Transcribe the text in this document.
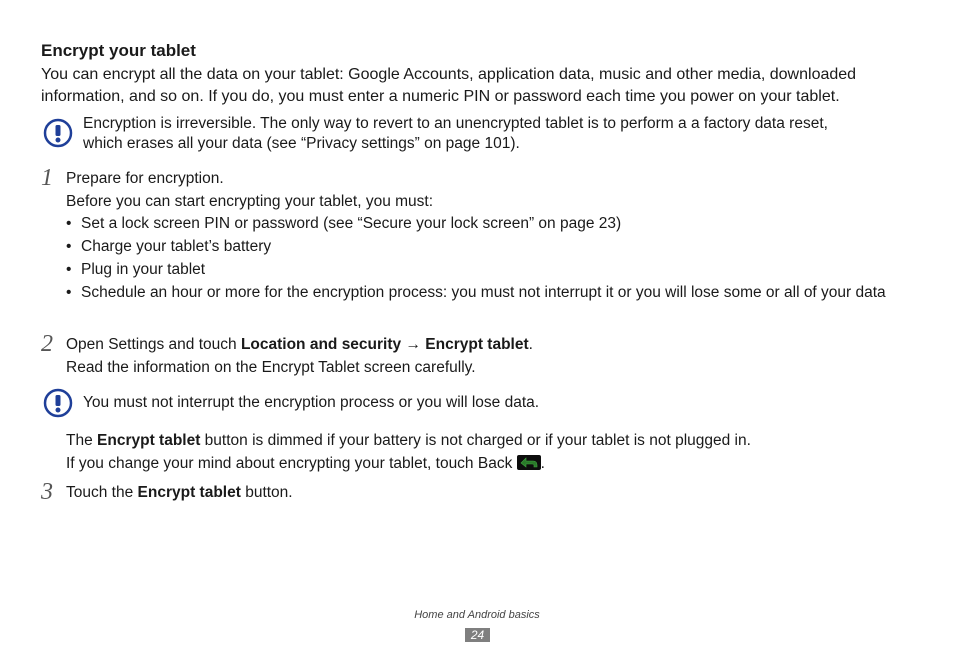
Encrypt your tablet
You can encrypt all the data on your tablet: Google Accounts, application data, music and other media, downloaded information, and so on. If you do, you must enter a numeric PIN or password each time you power on your tablet.
Encryption is irreversible. The only way to revert to an unencrypted tablet is to perform a a factory data reset,
which erases all your data (see “Privacy settings” on page 101).
1 Prepare for encryption.
Before you can start encrypting your tablet, you must:
• Set a lock screen PIN or password (see “Secure your lock screen” on page 23)
• Charge your tablet’s battery
• Plug in your tablet
• Schedule an hour or more for the encryption process: you must not interrupt it or you will lose some or all of your data
2 Open Settings and touch Location and security → Encrypt tablet.
Read the information on the Encrypt Tablet screen carefully.
You must not interrupt the encryption process or you will lose data.
The Encrypt tablet button is dimmed if your battery is not charged or if your tablet is not plugged in.
If you change your mind about encrypting your tablet, touch Back
.
3 Touch the Encrypt tablet button.
Home and Android basics
24
